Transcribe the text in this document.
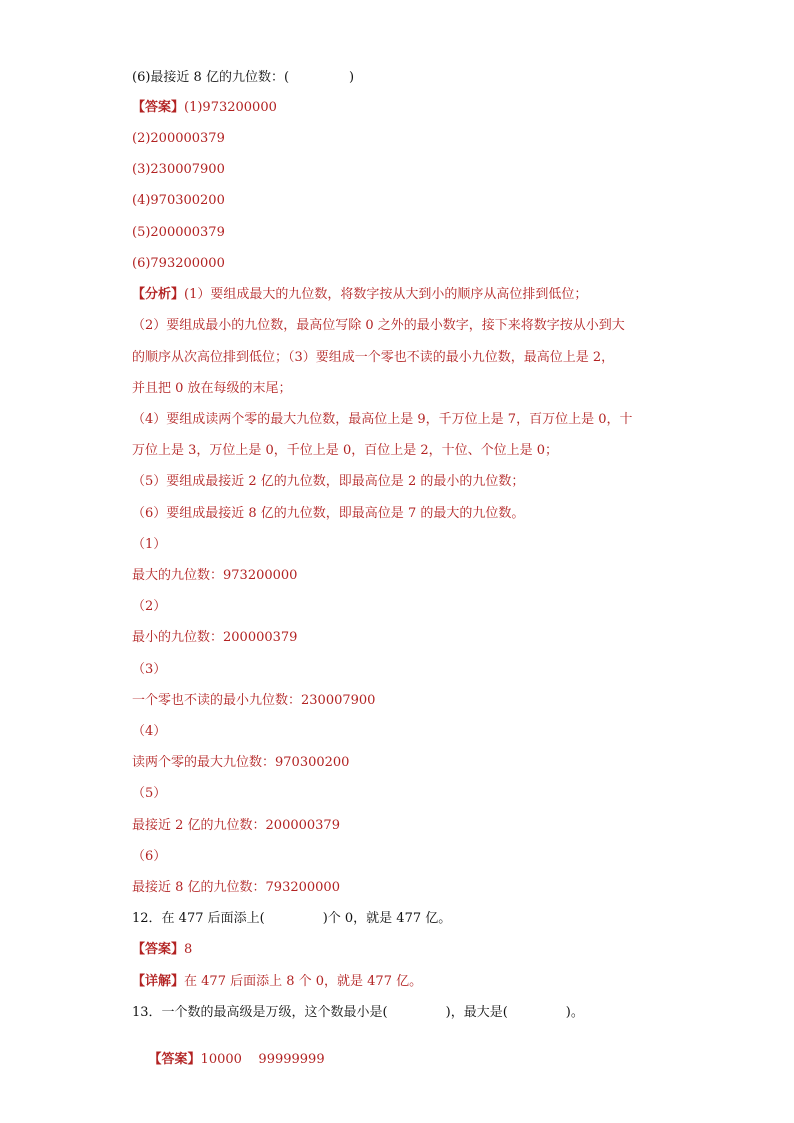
(6)最接近 8 亿的九位数：(	)
【答案】(1)973200000
(2)200000379
(3)230007900
(4)970300200
(5)200000379
(6)793200000
【分析】(1）要组成最大的九位数，将数字按从大到小的顺序从高位排到低位；
（2）要组成最小的九位数，最高位写除 0 之外的最小数字，接下来将数字按从小到大
的顺序从次高位排到低位；（3）要组成一个零也不读的最小九位数，最高位上是 2，
并且把 0 放在每级的末尾；
（4）要组成读两个零的最大九位数，最高位上是 9，千万位上是 7，百万位上是 0，十
万位上是 3，万位上是 0，千位上是 0，百位上是 2，十位、个位上是 0；
（5）要组成最接近 2 亿的九位数，即最高位是 2 的最小的九位数；
（6）要组成最接近 8 亿的九位数，即最高位是 7 的最大的九位数。
（1）
最大的九位数：973200000
（2）
最小的九位数：200000379
（3）
一个零也不读的最小九位数：230007900
（4）
读两个零的最大九位数：970300200
（5）
最接近 2 亿的九位数：200000379
（6）
最接近 8 亿的九位数：793200000
12．在 477 后面添上(	)个 0，就是 477 亿。
【答案】8
【详解】在 477 后面添上 8 个 0，就是 477 亿。
13．一个数的最高级是万级，这个数最小是(	)，最大是(	)。

【答案】10000    99999999
